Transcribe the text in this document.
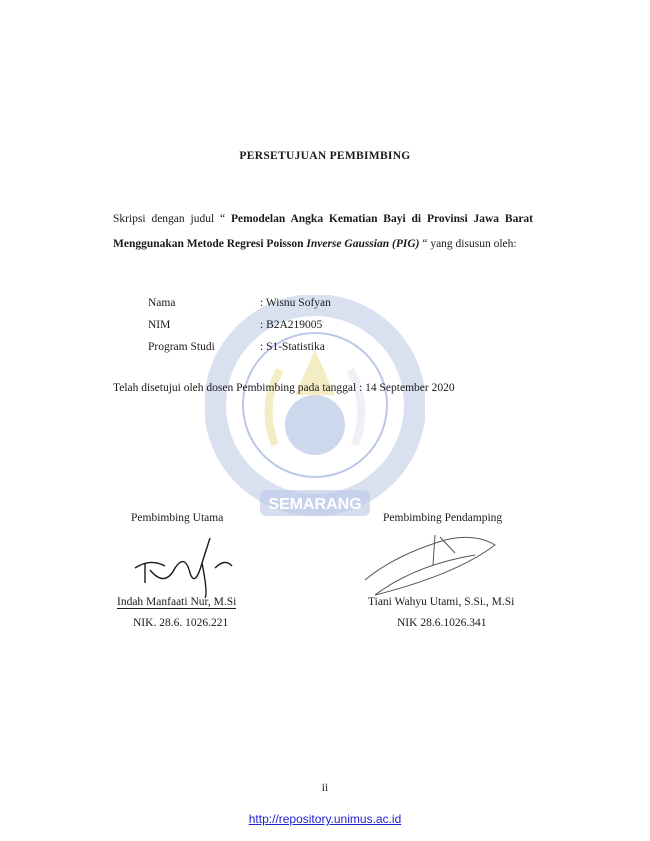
SEMARANG
PERSETUJUAN PEMBIMBING
Skripsi dengan judul “ Pemodelan Angka Kematian Bayi di Provinsi Jawa Barat Menggunakan Metode Regresi Poisson Inverse Gaussian (PIG) “ yang disusun oleh:
Nama	: Wisnu Sofyan
NIM	: B2A219005
Program Studi	: S1-Statistika
Telah disetujui oleh dosen Pembimbing pada tanggal : 14 September 2020
Pembimbing Utama
Indah Manfaati Nur, M.Si
NIK. 28.6. 1026.221
Pembimbing Pendamping
Tiani Wahyu Utami, S.Si., M.Si
NIK 28.6.1026.341
ii
http://repository.unimus.ac.id
